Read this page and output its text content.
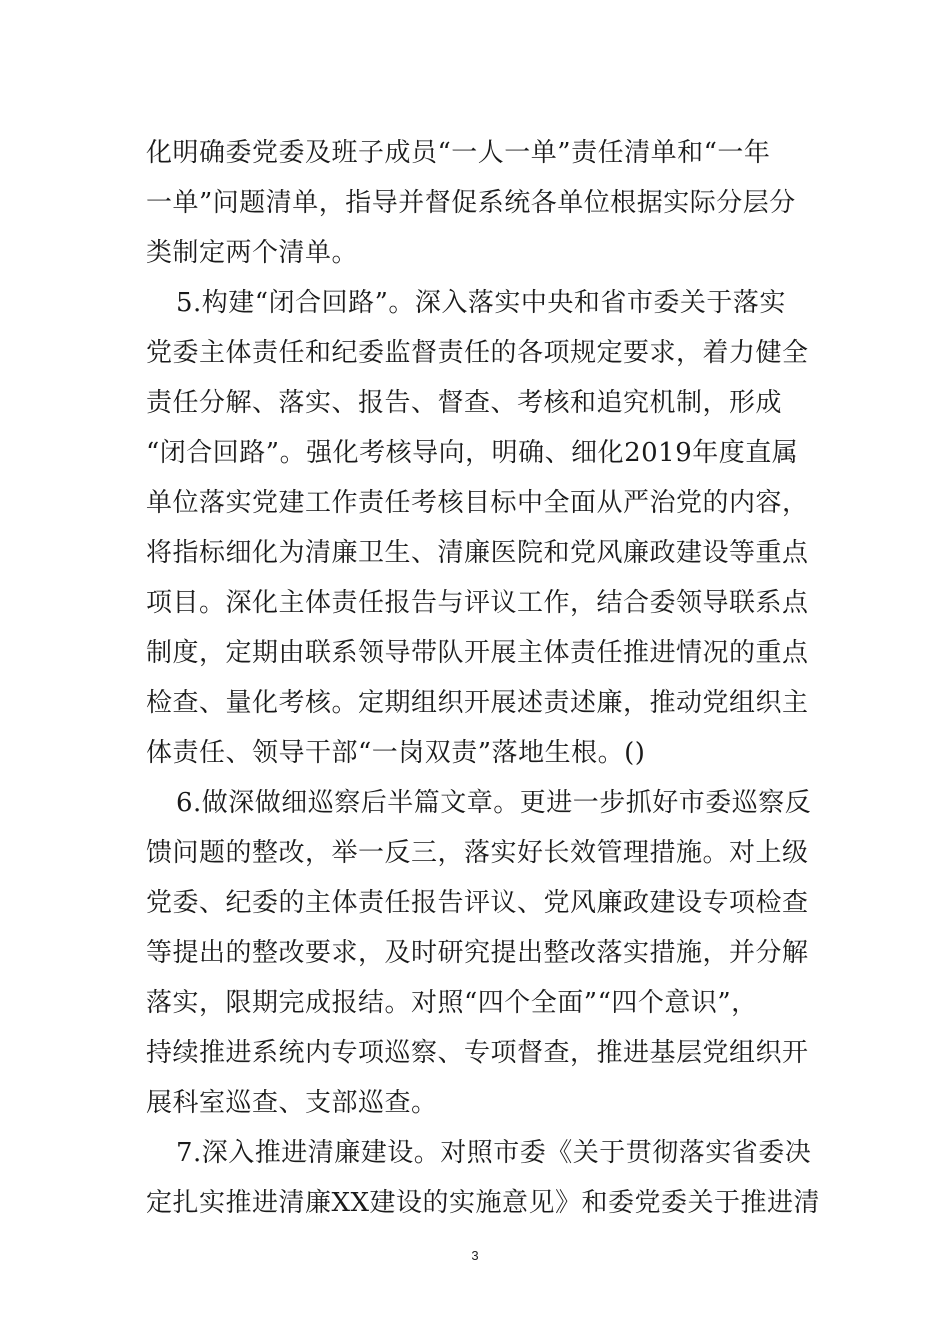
化明确委党委及班子成员“一人一单”责任清单和“一年
一单”问题清单，指导并督促系统各单位根据实际分层分
类制定两个清单。
5.构建“闭合回路”。深入落实中央和省市委关于落实
党委主体责任和纪委监督责任的各项规定要求，着力健全
责任分解、落实、报告、督查、考核和追究机制，形成
“闭合回路”。强化考核导向，明确、细化2019年度直属
单位落实党建工作责任考核目标中全面从严治党的内容，
将指标细化为清廉卫生、清廉医院和党风廉政建设等重点
项目。深化主体责任报告与评议工作，结合委领导联系点
制度，定期由联系领导带队开展主体责任推进情况的重点
检查、量化考核。定期组织开展述责述廉，推动党组织主
体责任、领导干部“一岗双责”落地生根。()
6.做深做细巡察后半篇文章。更进一步抓好市委巡察反
馈问题的整改，举一反三，落实好长效管理措施。对上级
党委、纪委的主体责任报告评议、党风廉政建设专项检查
等提出的整改要求，及时研究提出整改落实措施，并分解
落实，限期完成报结。对照“四个全面”“四个意识”，
持续推进系统内专项巡察、专项督查，推进基层党组织开
展科室巡查、支部巡查。
7.深入推进清廉建设。对照市委《关于贯彻落实省委决
定扎实推进清廉XX建设的实施意见》和委党委关于推进清
3
